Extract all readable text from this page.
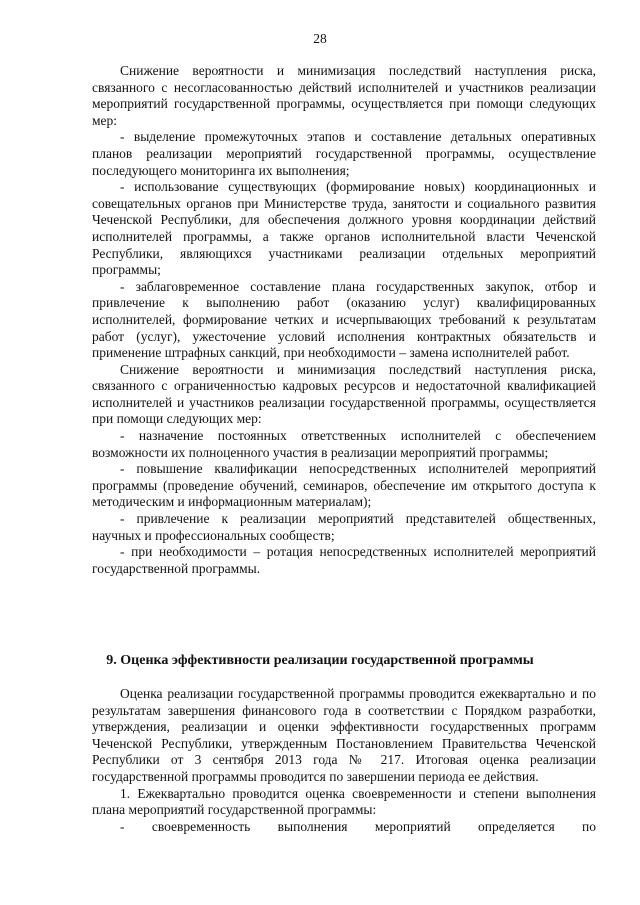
28

Снижение вероятности и минимизация последствий наступления риска, связанного с несогласованностью действий исполнителей и участников реализации мероприятий государственной программы, осуществляется при помощи следующих мер:

- выделение промежуточных этапов и составление детальных оперативных планов реализации мероприятий государственной программы, осуществление последующего мониторинга их выполнения;

- использование существующих (формирование новых) координационных и совещательных органов при Министерстве труда, занятости и социального развития Чеченской Республики, для обеспечения должного уровня координации действий исполнителей программы, а также органов исполнительной власти Чеченской Республики, являющихся участниками реализации отдельных мероприятий программы;

- заблаговременное составление плана государственных закупок, отбор и привлечение к выполнению работ (оказанию услуг) квалифицированных исполнителей, формирование четких и исчерпывающих требований к результатам работ (услуг), ужесточение условий исполнения контрактных обязательств и применение штрафных санкций, при необходимости – замена исполнителей работ.

Снижение вероятности и минимизация последствий наступления риска, связанного с ограниченностью кадровых ресурсов и недостаточной квалификацией исполнителей и участников реализации государственной программы, осуществляется при помощи следующих мер:

- назначение постоянных ответственных исполнителей с обеспечением возможности их полноценного участия в реализации мероприятий программы;

- повышение квалификации непосредственных исполнителей мероприятий программы (проведение обучений, семинаров, обеспечение им открытого доступа к методическим и информационным материалам);

- привлечение к реализации мероприятий представителей общественных, научных и профессиональных сообществ;

- при необходимости – ротация непосредственных исполнителей мероприятий государственной программы.

9. Оценка эффективности реализации государственной программы

Оценка реализации государственной программы проводится ежеквартально и по результатам завершения финансового года в соответствии с Порядком разработки, утверждения, реализации и оценки эффективности государственных программ Чеченской Республики, утвержденным Постановлением Правительства Чеченской Республики от 3 сентября 2013 года № 217. Итоговая оценка реализации государственной программы проводится по завершении периода ее действия.

1. Ежеквартально проводится оценка своевременности и степени выполнения плана мероприятий государственной программы:

- своевременность выполнения мероприятий определяется по
